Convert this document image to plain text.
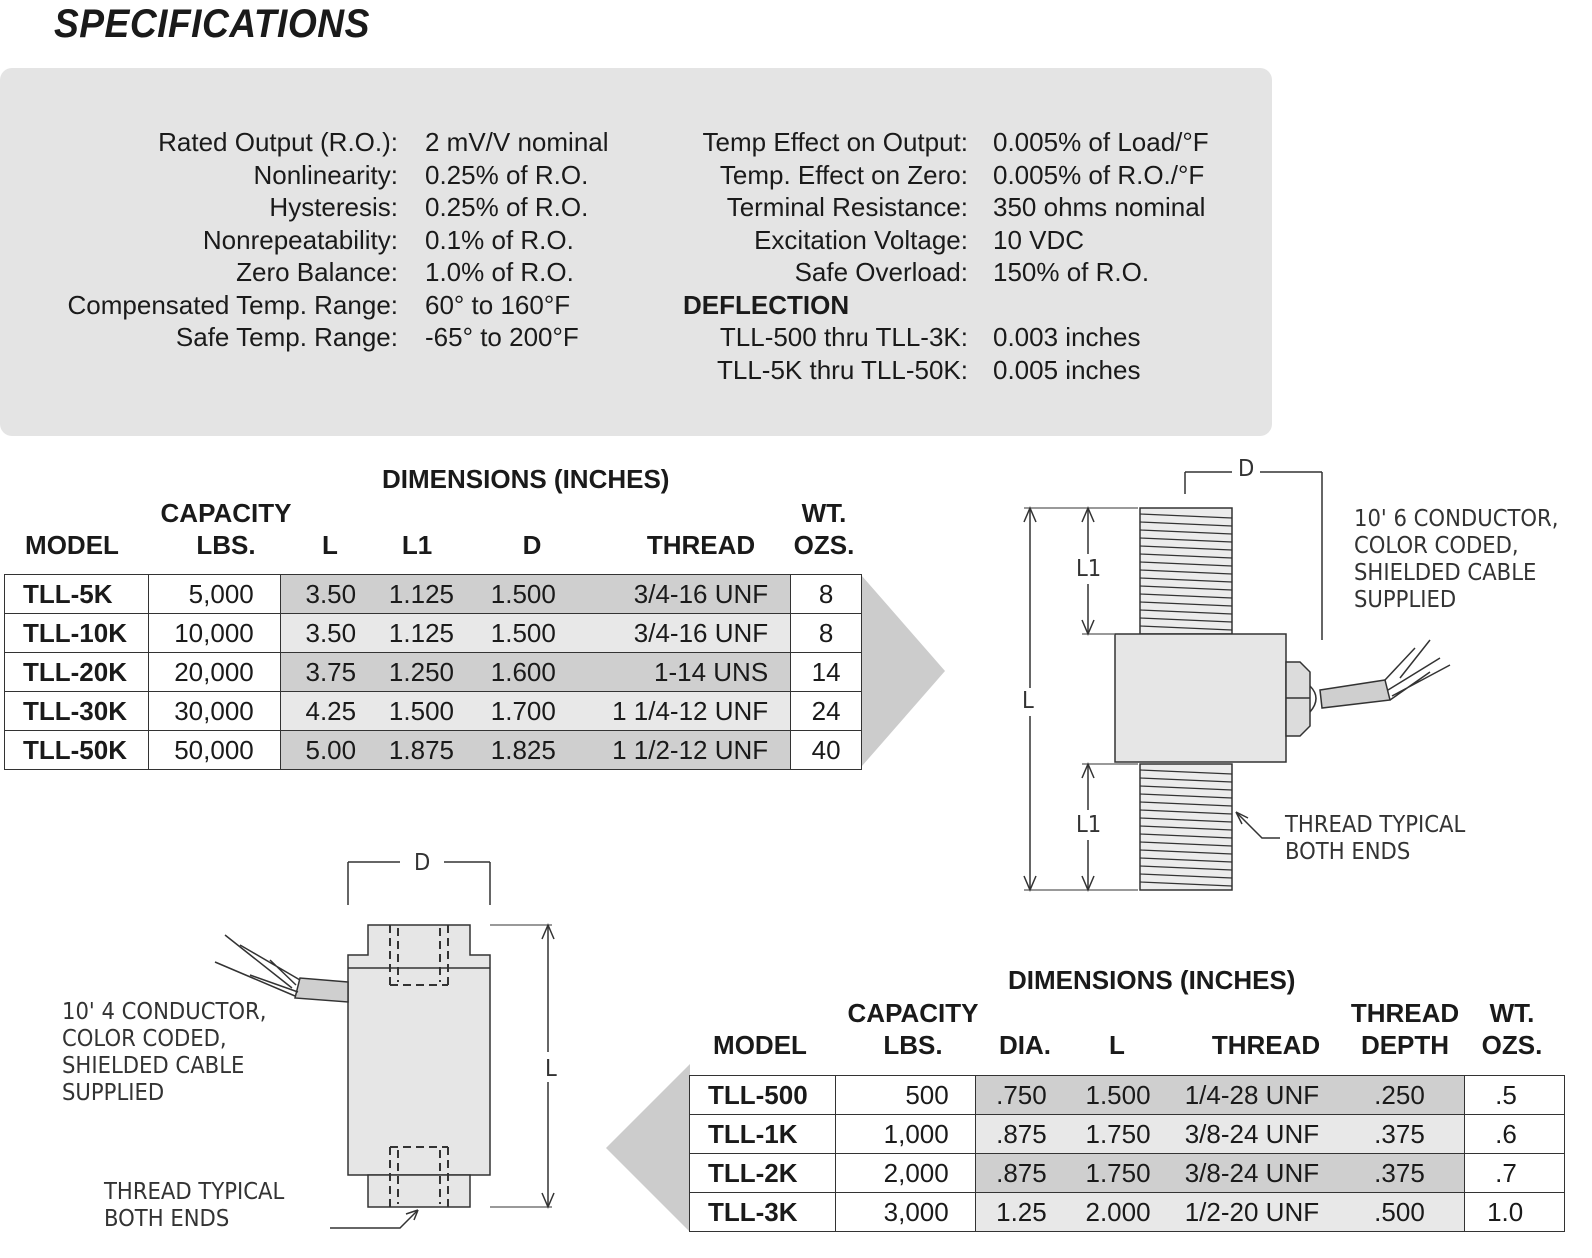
SPECIFICATIONS
Rated Output (R.O.): 2 mV/V nominal
Nonlinearity: 0.25% of R.O.
Hysteresis: 0.25% of R.O.
Nonrepeatability: 0.1% of R.O.
Zero Balance: 1.0% of R.O.
Compensated Temp. Range: 60° to 160°F
Safe Temp. Range: -65° to 200°F
Temp Effect on Output: 0.005% of Load/°F
Temp. Effect on Zero: 0.005% of R.O./°F
Terminal Resistance: 350 ohms nominal
Excitation Voltage: 10 VDC
Safe Overload: 150% of R.O.
DEFLECTION
TLL-500 thru TLL-3K: 0.003 inches
TLL-5K thru TLL-50K: 0.005 inches
D
L
L1
L1
10' 6 CONDUCTOR,
COLOR CODED,
SHIELDED CABLE
SUPPLIED
THREAD TYPICAL
BOTH ENDS
D
L
10' 4 CONDUCTOR,
COLOR CODED,
SHIELDED CABLE
SUPPLIED
THREAD TYPICAL
BOTH ENDS
DIMENSIONS (INCHES)
MODEL
CAPACITY
LBS.	L	L1	D	THREAD
WT.
OZS.
TLL-5K	5,000	3.50	1.125	1.500	3/4-16 UNF	8
TLL-10K	10,000	3.50	1.125	1.500	3/4-16 UNF	8
TLL-20K	20,000	3.75	1.250	1.600	1-14 UNS	14
TLL-30K	30,000	4.25	1.500	1.700	1 1/4-12 UNF	24
TLL-50K	50,000	5.00	1.875	1.825	1 1/2-12 UNF	40
DIMENSIONS (INCHES)
MODEL
CAPACITY
LBS.	DIA.	L	THREAD
THREAD
DEPTH
WT.
OZS.
TLL-500	500	.750	1.500	1/4-28 UNF	.250	.5
TLL-1K	1,000	.875	1.750	3/8-24 UNF	.375	.6
TLL-2K	2,000	.875	1.750	3/8-24 UNF	.375	.7
TLL-3K	3,000	1.25	2.000	1/2-20 UNF	.500	1.0
